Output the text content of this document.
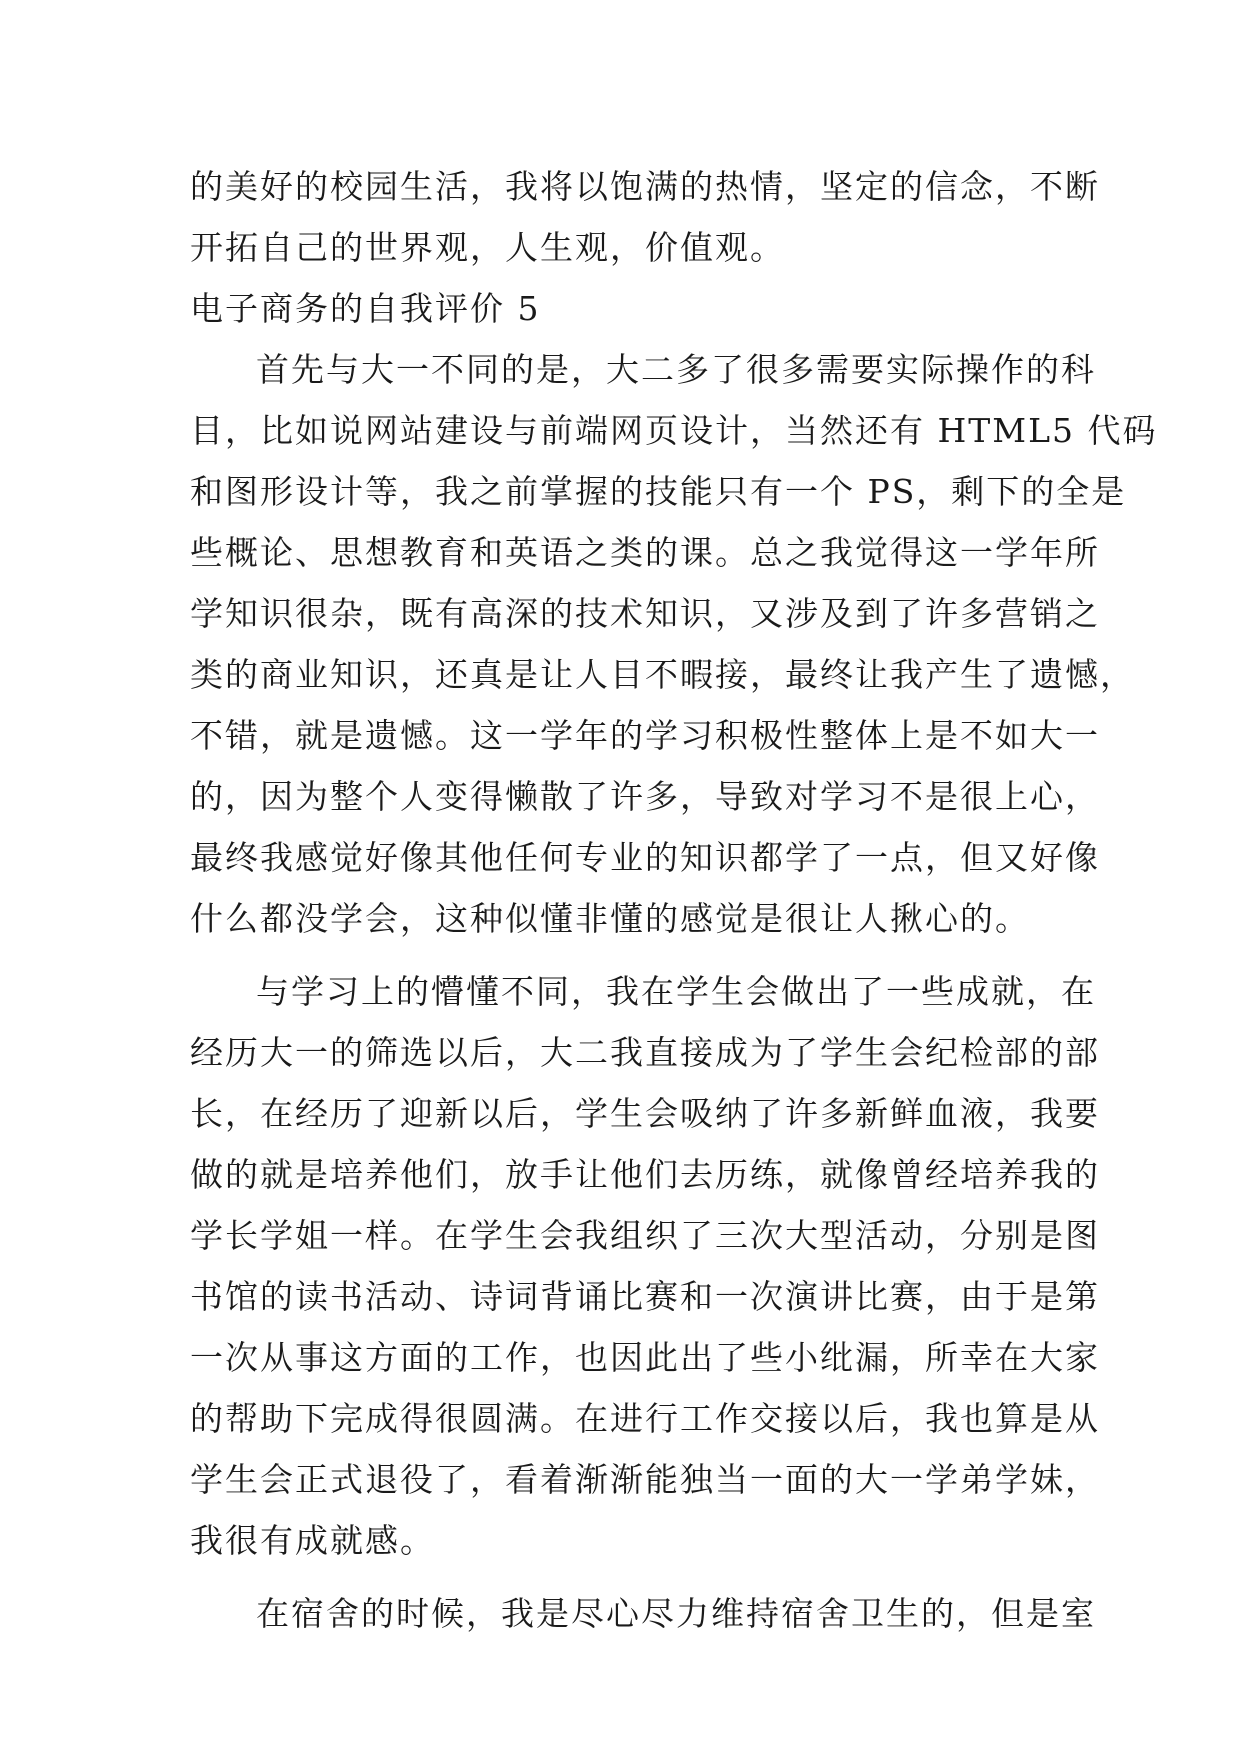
的美好的校园生活，我将以饱满的热情，坚定的信念，不断
开拓自己的世界观，人生观，价值观。
电子商务的自我评价 5
首先与大一不同的是，大二多了很多需要实际操作的科
目，比如说网站建设与前端网页设计，当然还有 HTML5 代码
和图形设计等，我之前掌握的技能只有一个 PS，剩下的全是
些概论、思想教育和英语之类的课。总之我觉得这一学年所
学知识很杂，既有高深的技术知识，又涉及到了许多营销之
类的商业知识，还真是让人目不暇接，最终让我产生了遗憾，
不错，就是遗憾。这一学年的学习积极性整体上是不如大一
的，因为整个人变得懒散了许多，导致对学习不是很上心，
最终我感觉好像其他任何专业的知识都学了一点，但又好像
什么都没学会，这种似懂非懂的感觉是很让人揪心的。
与学习上的懵懂不同，我在学生会做出了一些成就，在
经历大一的筛选以后，大二我直接成为了学生会纪检部的部
长，在经历了迎新以后，学生会吸纳了许多新鲜血液，我要
做的就是培养他们，放手让他们去历练，就像曾经培养我的
学长学姐一样。在学生会我组织了三次大型活动，分别是图
书馆的读书活动、诗词背诵比赛和一次演讲比赛，由于是第
一次从事这方面的工作，也因此出了些小纰漏，所幸在大家
的帮助下完成得很圆满。在进行工作交接以后，我也算是从
学生会正式退役了，看着渐渐能独当一面的大一学弟学妹，
我很有成就感。
在宿舍的时候，我是尽心尽力维持宿舍卫生的，但是室
